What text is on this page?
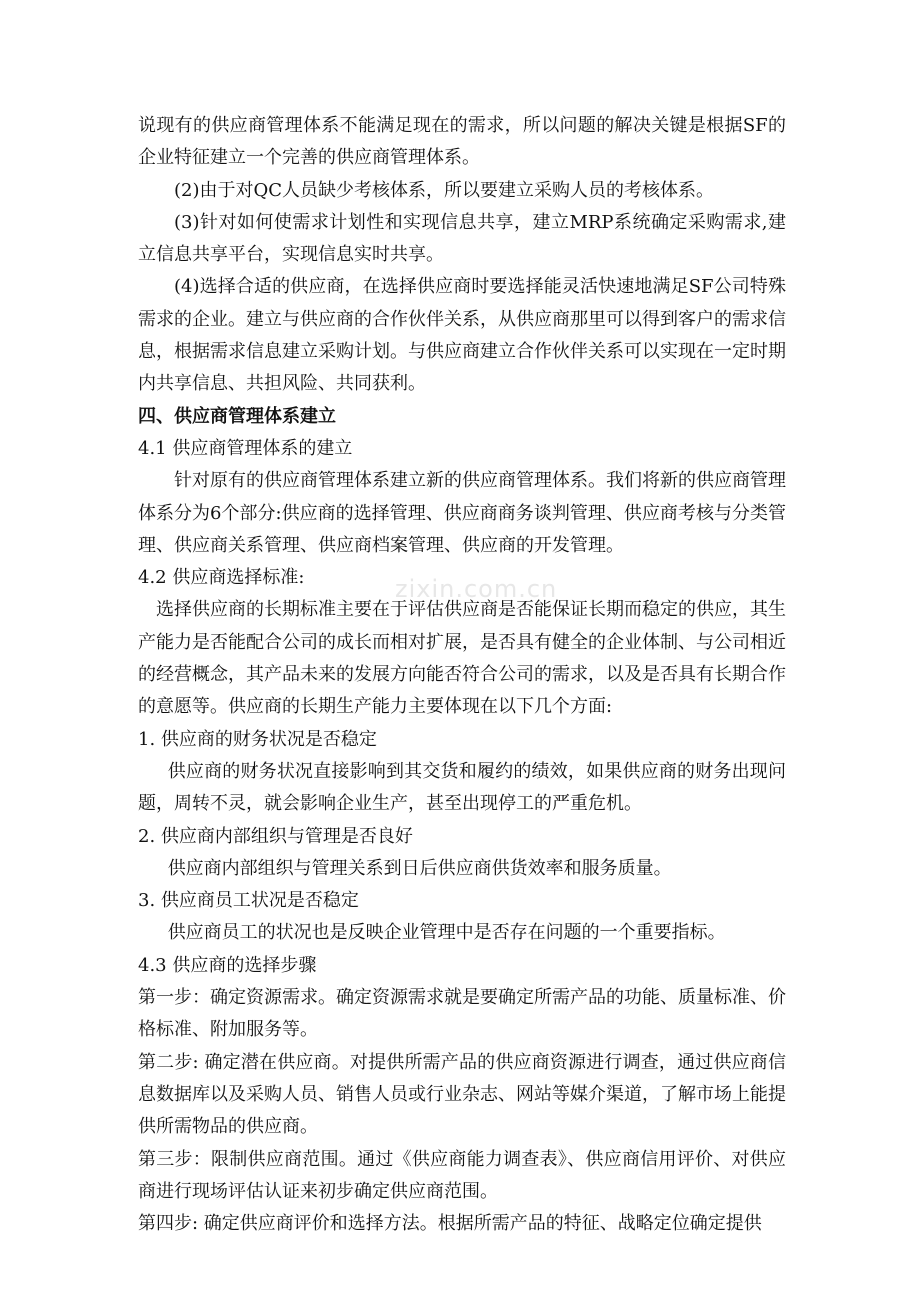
zixin.com.cn

说现有的供应商管理体系不能满足现在的需求，所以问题的解决关键是根据SF的企业特征建立一个完善的供应商管理体系。

(2)由于对QC人员缺少考核体系，所以要建立采购人员的考核体系。

(3)针对如何使需求计划性和实现信息共享，建立MRP系统确定采购需求,建立信息共享平台，实现信息实时共享。

(4)选择合适的供应商，在选择供应商时要选择能灵活快速地满足SF公司特殊需求的企业。建立与供应商的合作伙伴关系，从供应商那里可以得到客户的需求信息，根据需求信息建立采购计划。与供应商建立合作伙伴关系可以实现在一定时期内共享信息、共担风险、共同获利。

四、供应商管理体系建立

4.1 供应商管理体系的建立

针对原有的供应商管理体系建立新的供应商管理体系。我们将新的供应商管理体系分为6个部分:供应商的选择管理、供应商商务谈判管理、供应商考核与分类管理、供应商关系管理、供应商档案管理、供应商的开发管理。

4.2 供应商选择标准:

选择供应商的长期标准主要在于评估供应商是否能保证长期而稳定的供应，其生产能力是否能配合公司的成长而相对扩展，是否具有健全的企业体制、与公司相近的经营概念，其产品未来的发展方向能否符合公司的需求，以及是否具有长期合作的意愿等。供应商的长期生产能力主要体现在以下几个方面:

1. 供应商的财务状况是否稳定

供应商的财务状况直接影响到其交货和履约的绩效，如果供应商的财务出现问题，周转不灵，就会影响企业生产，甚至出现停工的严重危机。

2. 供应商内部组织与管理是否良好

供应商内部组织与管理关系到日后供应商供货效率和服务质量。

3. 供应商员工状况是否稳定

供应商员工的状况也是反映企业管理中是否存在问题的一个重要指标。

4.3 供应商的选择步骤

第一步：确定资源需求。确定资源需求就是要确定所需产品的功能、质量标准、价格标准、附加服务等。

第二步: 确定潜在供应商。对提供所需产品的供应商资源进行调查，通过供应商信息数据库以及采购人员、销售人员或行业杂志、网站等媒介渠道，了解市场上能提供所需物品的供应商。

第三步：限制供应商范围。通过《供应商能力调查表》、供应商信用评价、对供应商进行现场评估认证来初步确定供应商范围。

第四步: 确定供应商评价和选择方法。根据所需产品的特征、战略定位确定提供
